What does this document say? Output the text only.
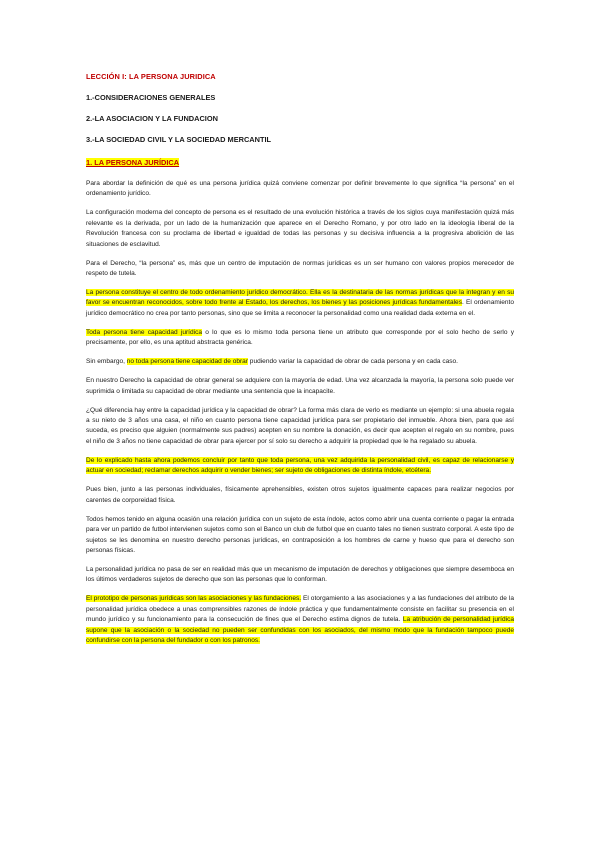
LECCIÓN I: LA PERSONA JURIDICA
1.-CONSIDERACIONES GENERALES
2.-LA ASOCIACION Y LA FUNDACION
3.-LA SOCIEDAD CIVIL Y LA SOCIEDAD MERCANTIL
1. LA PERSONA JURÍDICA

Para abordar la definición de qué es una persona jurídica quizá conviene comenzar por definir brevemente lo que significa “la persona” en el ordenamiento jurídico.

La configuración moderna del concepto de persona es el resultado de una evolución histórica a través de los siglos cuya manifestación quizá más relevante es la derivada, por un lado de la humanización que aparece en el Derecho Romano, y por otro lado en la ideología liberal de la Revolución francesa con su proclama de libertad e igualdad de todas las personas y su decisiva influencia a la progresiva abolición de las situaciones de esclavitud.

Para el Derecho, “la persona” es, más que un centro de imputación de normas jurídicas es un ser humano con valores propios merecedor de respeto de tutela.

La persona constituye el centro de todo ordenamiento jurídico democrático. Ella es la destinataria de las normas jurídicas que la integran y en su favor se encuentran reconocidos, sobre todo frente al Estado, los derechos, los bienes y las posiciones jurídicas fundamentales. El ordenamiento jurídico democrático no crea por tanto personas, sino que se limita a reconocer la personalidad como una realidad dada externa en el.

Toda persona tiene capacidad jurídica o lo que es lo mismo toda persona tiene un atributo que corresponde por el solo hecho de serlo y precisamente, por ello, es una aptitud abstracta genérica.

Sin embargo, no toda persona tiene capacidad de obrar pudiendo variar la capacidad de obrar de cada persona y en cada caso.

En nuestro Derecho la capacidad de obrar general se adquiere con la mayoría de edad. Una vez alcanzada la mayoría, la persona solo puede ver suprimida o limitada su capacidad de obrar mediante una sentencia que la incapacite.

¿Qué diferencia hay entre la capacidad jurídica y la capacidad de obrar? La forma más clara de verlo es mediante un ejemplo: si una abuela regala a su nieto de 3 años una casa, el niño en cuanto persona tiene capacidad jurídica para ser propietario del inmueble. Ahora bien, para que así suceda, es preciso que alguien (normalmente sus padres) acepten en su nombre la donación, es decir que acepten el regalo en su nombre, pues el niño de 3 años no tiene capacidad de obrar para ejercer por sí solo su derecho a adquirir la propiedad que le ha regalado su abuela.

De lo explicado hasta ahora podemos concluir por tanto que toda persona, una vez adquirida la personalidad civil, es capaz de relacionarse y actuar en sociedad; reclamar derechos adquirir o vender bienes; ser sujeto de obligaciones de distinta índole, etcétera.

Pues bien, junto a las personas individuales, físicamente aprehensibles, existen otros sujetos igualmente capaces para realizar negocios por carentes de corporeidad física.

Todos hemos tenido en alguna ocasión una relación jurídica con un sujeto de esta índole, actos como abrir una cuenta corriente o pagar la entrada para ver un partido de futbol intervienen sujetos como son el Banco un club de futbol que en cuanto tales no tienen sustrato corporal. A este tipo de sujetos se les denomina en nuestro derecho personas jurídicas, en contraposición a los hombres de carne y hueso que para el derecho son personas físicas.

La personalidad jurídica no pasa de ser en realidad más que un mecanismo de imputación de derechos y obligaciones que siempre desemboca en los últimos verdaderos sujetos de derecho que son las personas que lo conforman.

El prototipo de personas jurídicas son las asociaciones y las fundaciones. El otorgamiento a las asociaciones y a las fundaciones del atributo de la personalidad jurídica obedece a unas comprensibles razones de índole práctica y que fundamentalmente consiste en facilitar su presencia en el mundo jurídico y su funcionamiento para la consecución de fines que el Derecho estima dignos de tutela. La atribución de personalidad jurídica supone que la asociación o la sociedad no pueden ser confundidas con los asociados, del mismo modo que la fundación tampoco puede confundirse con la persona del fundador o con los patronos.
